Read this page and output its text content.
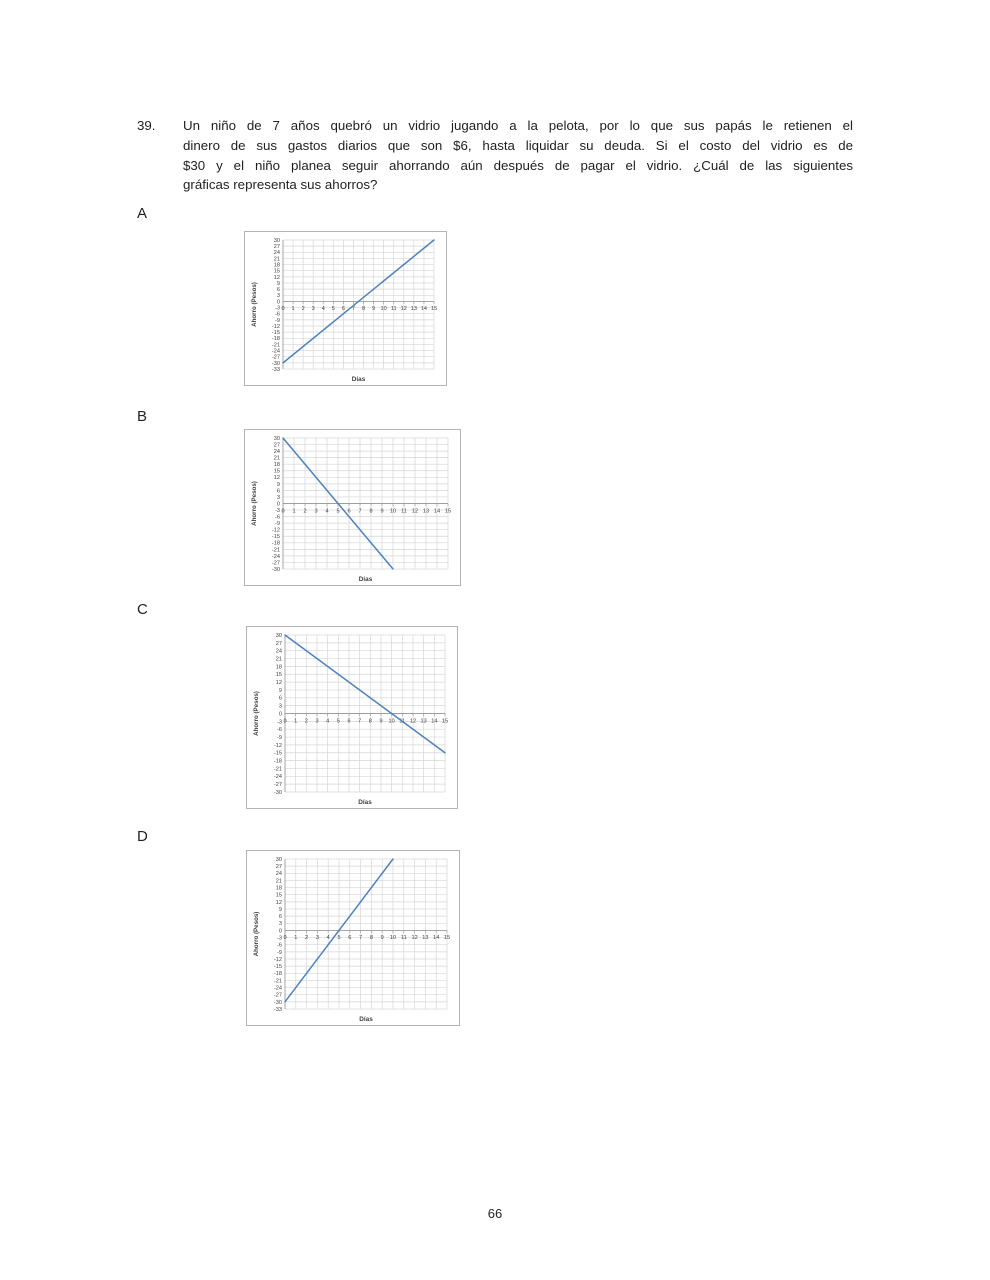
39. Un niño de 7 años quebró un vidrio jugando a la pelota, por lo que sus papás le retienen el
dinero de sus gastos diarios que son $6, hasta liquidar su deuda. Si el costo del vidrio es de
$30 y el niño planea seguir ahorrando aún después de pagar el vidrio. ¿Cuál de las siguientes
gráficas representa sus ahorros?
A
30
27
24
21
18
15
12
9
6
3
0
-3
-6
-9
-12
-15
-18
-21
-24
-27
-30
-33
0 1 2 3 4 5 6 7 8 9 10 11 12 13 14 15
Ahorro (Pesos)
Días
B
30
27
24
21
18
15
12
9
6
3
0
-3
-6
-9
-12
-15
-18
-21
-24
-27
-30
0 1 2 3 4 5 6 7 8 9 10 11 12 13 14 15
Ahorro (Pesos)
Días
C
30
27
24
21
18
15
12
9
6
3
0
-3
-6
-9
-12
-15
-18
-21
-24
-27
-30
0 1 2 3 4 5 6 7 8 9 10 11 12 13 14 15
Ahorro (Pesos)
Días
D
30
27
24
21
18
15
12
9
6
3
0
-3
-6
-9
-12
-15
-18
-21
-24
-27
-30
-33
0 1 2 3 4 5 6 7 8 9 10 11 12 13 14 15
Ahorro (Pesos)
Días
66
